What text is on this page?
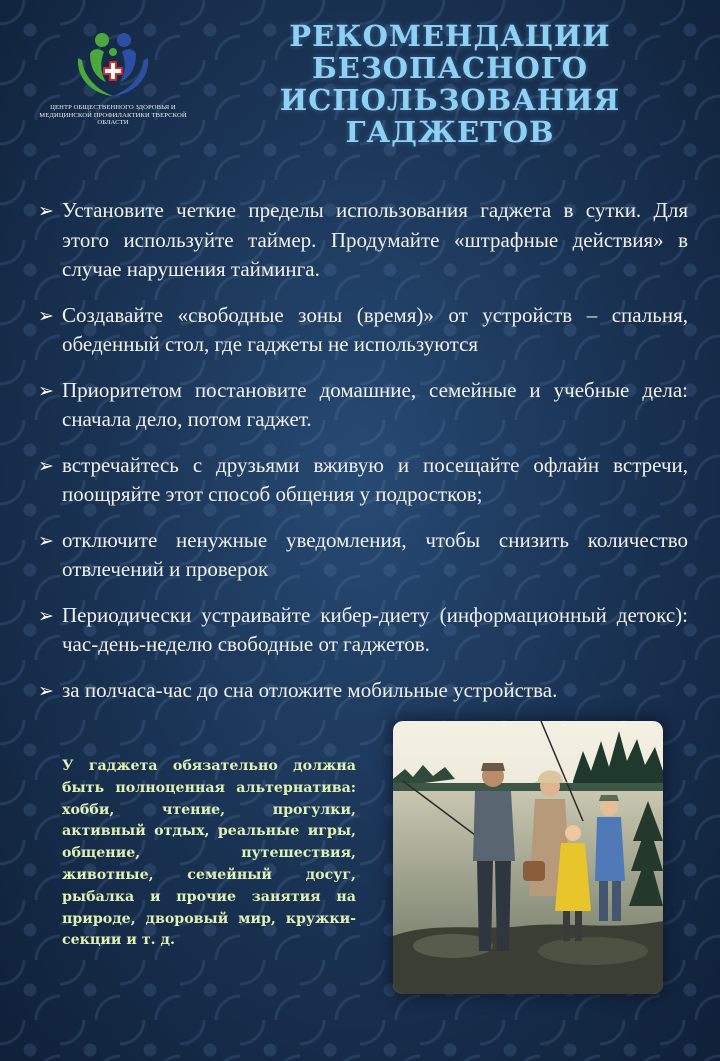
ЦЕНТР ОБЩЕСТВЕННОГО ЗДОРОВЬЯ И МЕДИЦИНСКОЙ ПРОФИЛАКТИКИ ТВЕРСКОЙ ОБЛАСТИ
РЕКОМЕНДАЦИИ
БЕЗОПАСНОГО
ИСПОЛЬЗОВАНИЯ
ГАДЖЕТОВ
➢ Установите четкие пределы использования гаджета в сутки. Для этого используйте таймер. Продумайте «штрафные действия» в случае нарушения тайминга.
➢ Создавайте «свободные зоны (время)» от устройств – спальня, обеденный стол, где гаджеты не используются
➢ Приоритетом постановите домашние, семейные и учебные дела: сначала дело, потом гаджет.
➢ встречайтесь с друзьями вживую и посещайте офлайн встречи, поощряйте этот способ общения у подростков;
➢ отключите ненужные уведомления, чтобы снизить количество отвлечений и проверок
➢ Периодически устраивайте кибер-диету (информационный детокс): час-день-неделю свободные от гаджетов.
➢ за полчаса-час до сна отложите мобильные устройства.

У гаджета обязательно должна быть полноценная альтернатива: хобби, чтение, прогулки, активный отдых, реальные игры, общение, путешествия, животные, семейный досуг, рыбалка и прочие занятия на природе, дворовый мир, кружки-секции и т. д.
